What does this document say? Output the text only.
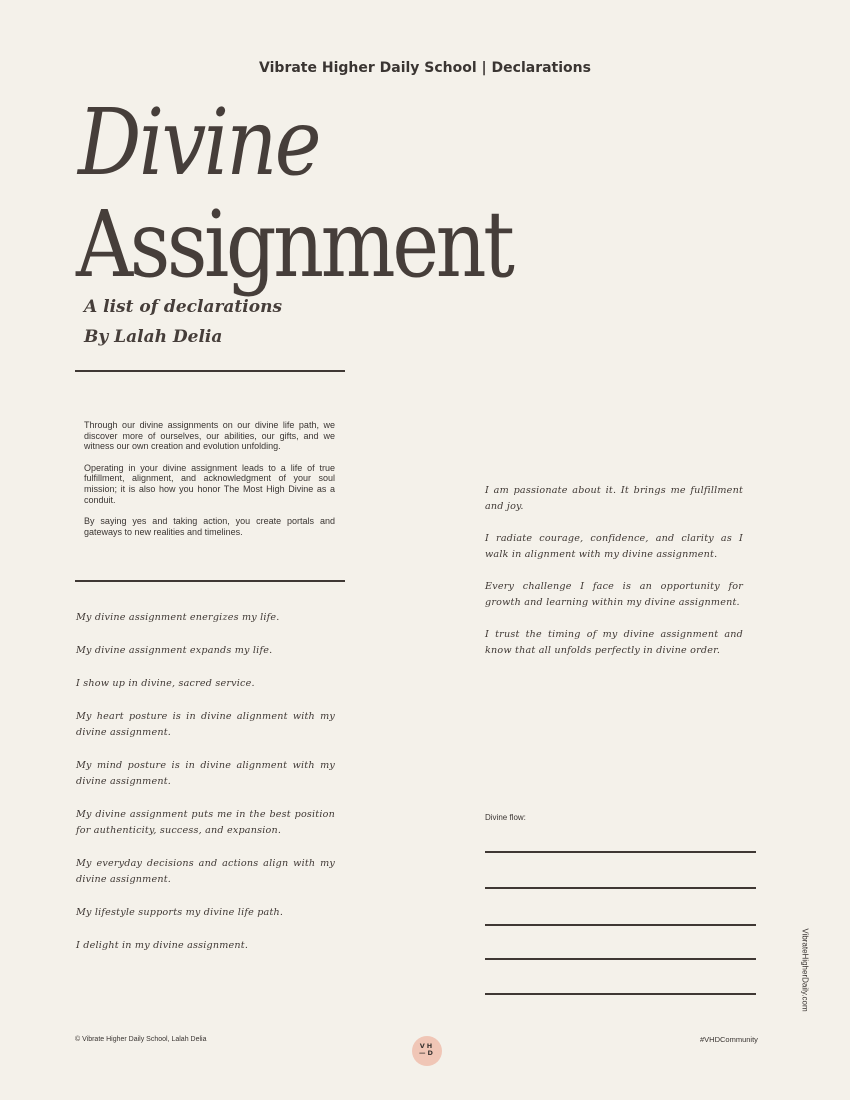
Vibrate Higher Daily School | Declarations
Divine
Assignment
A list of declarations
By Lalah Delia

Through our divine assignments on our divine life path, we discover more of ourselves, our abilities, our gifts, and we witness our own creation and evolution unfolding.

Operating in your divine assignment leads to a life of true fulfillment, alignment, and acknowledgment of your soul mission; it is also how you honor The Most High Divine as a conduit.

By saying yes and taking action, you create portals and gateways to new realities and timelines.

My divine assignment energizes my life.

My divine assignment expands my life.

I show up in divine, sacred service.

My heart posture is in divine alignment with my divine assignment.

My mind posture is in divine alignment with my divine assignment.

My divine assignment puts me in the best position for authenticity, success, and expansion.

My everyday decisions and actions align with my divine assignment.

My lifestyle supports my divine life path.

I delight in my divine assignment.

I am passionate about it. It brings me fulfillment and joy.

I radiate courage, confidence, and clarity as I walk in alignment with my divine assignment.

Every challenge I face is an opportunity for growth and learning within my divine assignment.

I trust the timing of my divine assignment and know that all unfolds perfectly in divine order.

Divine flow:
VibrateHigherDaily.com
© Vibrate Higher Daily School, Lalah Delia
VH
—D
#VHDCommunity
